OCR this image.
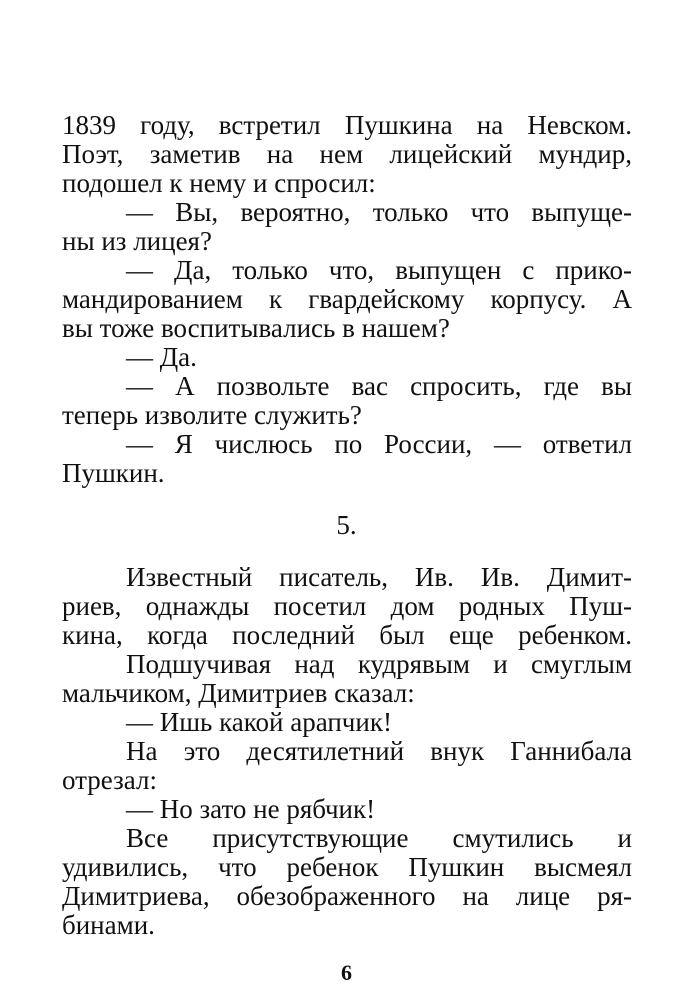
1839 году, встретил Пушкина на Невском.
Поэт, заметив на нем лицейский мундир,
подошел к нему и спросил:
— Вы, вероятно, только что выпуще-
ны из лицея?
— Да, только что, выпущен с прико-
мандированием к гвардейскому корпусу. А
вы тоже воспитывались в нашем?
— Да.
— А позвольте вас спросить, где вы
теперь изволите служить?
— Я числюсь по России, — ответил
Пушкин.
5.
Известный писатель, Ив. Ив. Димит-
риев, однажды посетил дом родных Пуш-
кина, когда последний был еще ребенком.
Подшучивая над кудрявым и смуглым
мальчиком, Димитриев сказал:
— Ишь какой арапчик!
На это десятилетний внук Ганнибала
отрезал:
— Но зато не рябчик!
Все присутствующие смутились и
удивились, что ребенок Пушкин высмеял
Димитриева, обезображенного на лице ря-
бинами.
6
